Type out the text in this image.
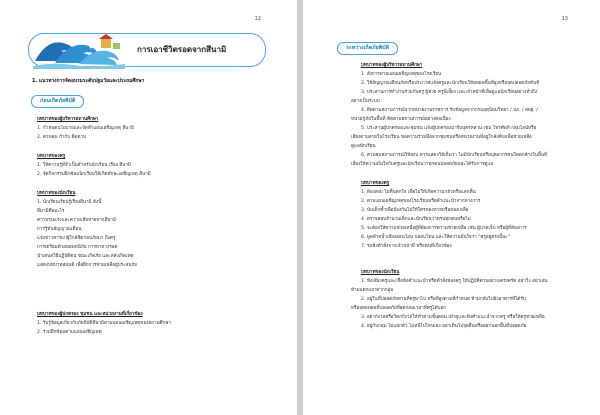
12
การเอาชีวิตรอดจากสึนามิ
1. แนวทางการจัดอบรมระดับปฐมวัยและประถมศึกษา
ก่อนเกิดภัยพิบัติ
บทบาทของผู้บริหารสถานศึกษา
1. กำหนดนโยบายและจัดทำแผนเผชิญเหตุ สึนามิ
2. ควบคุม กำกับ ติดตาม
บทบาทของครู
1. ให้ความรู้ที่จำเป็นสำหรับนักเรียน เรื่อง สึนามิ
2. จัดกิจกรรมฝึกซ้อมนักเรียนให้เกิดทักษะเผชิญเหตุ สึนามิ
บทบาทของนักเรียน
1. นักเรียนเรียนรู้เรื่องสึนามิ ดังนี้
สึนามิคืออะไร
ความรุนแรงและความเสียหายจากสึนามิ
การรู้ทันสัญญาณเตือน
แจ้งข่าวสารแก่ผู้ใกล้ชิดก่อนภัยมา ถึงครู
การเตรียมตัวอพยพหนีภัย การหาทางรอด
นำเสนอวิธีปฏิบัติตน ขณะเกิดภัย และหลังเกิดเหตุ
แสดงบทบาทสมมติ เพื่อฝึกการช่วยเหลือผู้ประสบภัย
บทบาทของผู้ปกครอง ชุมชน และหน่วยงานที่เกี่ยวข้อง
1. รับรู้ข้อมูลเกี่ยวกับภัยพิบัติสึนามิตามแผนเผชิญเหตุของสถานศึกษา
2. ร่วมฝึกซ้อมตามแผนเผชิญเหตุ
13
ระหว่างเกิดภัยพิบัติ
บทบาทของผู้บริหารสถานศึกษา
1. สั่งการตามแผนเผชิญเหตุของโรงเรียน
2. ใช้สัญญาณเตือนภัยหรือประกาศแจ้งครูและนักเรียนให้อพยพขึ้นที่สูงหรือจุดปลอดภัยทันที
3. ประสานการทำงานร่วมกับครู ผู้ช่วย ครูพี่เลี้ยง และเจ้าหน้าที่เพื่อดูแลนักเรียนอย่างทั่วถึง
อย่างเป็นระบบ
4. ติดตามสถานการณ์จากหน่วยงานราชการ รับข้อมูลจากกรมอุตุนิยมวิทยา / ปภ. / สพฐ. /
หน่วยกู้ภัยในพื้นที่ ติดตามสถานการณ์อย่างต่อเนื่อง
5. ประสานผู้ปกครองและชุมชน แจ้งผู้ปกครองมารับบุตรหลาน เช่น โทรศัพท์ กลุ่มไลน์หรือ
เสียงตามสายในโรงเรียน ขอความร่วมมือจากชุมชนหรือหน่วยงานที่อยู่ใกล้เคียงเพื่อช่วยเหลือ
ดูแลนักเรียน
6. ควบคุมสถานการณ์ให้สงบ ควรแสดงให้เห็นว่า ไม่มีนักเรียนหรือบุคลากรคนใดตกค้างในพื้นที่
เสี่ยงให้ความมั่นใจกับครูและนักเรียนว่าทุกคนปลอดภัยและได้รับการดูแล
บทบาทของครู
1. ต้องสงบ ไม่ตื่นตกใจ เพื่อไม่ให้เกิดความกลัวหรือแตกตื่น
2. ตามแผนเผชิญเหตุของโรงเรียนหรือคำแนะนำจากทางการ
3. นับเด็กซ้ำเพื่อป้องกันไม่ให้ใครหลงหายหรือหลงเหลือ
4. ตรวจสอบจำนวนเด็กและนักเรียนว่าครบทุกคนหรือไม่
5. จะต้องให้ความช่วยเหลือผู้ที่ต้องการความช่วยเหลือ เช่น ผู้บาดเจ็บ หรือผู้ที่ต้องการ
6. พูดด้วยน้ำเสียงอ่อนโยน ปลอบโยน และให้ความมั่นใจว่า "ครูอยู่ตรงนี้นะ"
7. รอฟังคำสั่งจากเจ้าหน้าที่ หรือคนที่เกี่ยวข้อง
บทบาทของนักเรียน
1. ฟังเสียงครูและเชื่อฟังคำแนะนำหรือคำสั่งของครู ให้ปฏิบัติตามอย่างเคร่งครัด อย่าวิ่ง อย่าเล่น
ห้ามแตกแถวจากกลุ่ม
2. อยู่ในที่ปลอดภัยตามที่ครูพาไป หรือที่สูงตามที่กำหนด ห้ามกลับไปยังอาคารที่ได้รับ
หรือจุดอพยพที่ปลอดภัยที่สุดก่อนเวลาที่ครูได้บอก
3. อย่ากังวลหรือวิตกกังวลให้ทำตามขั้นตอน เฝ้าดูและฟังคำแนะนำจากครู หรือให้ครูช่วยเหลือ
4. อยู่กับกลุ่ม ไม่แยกตัว ไม่หนีไปไหนเอง อย่าเดินไปจุดอื่นหรือออกนอกพื้นที่ปลอดภัย
